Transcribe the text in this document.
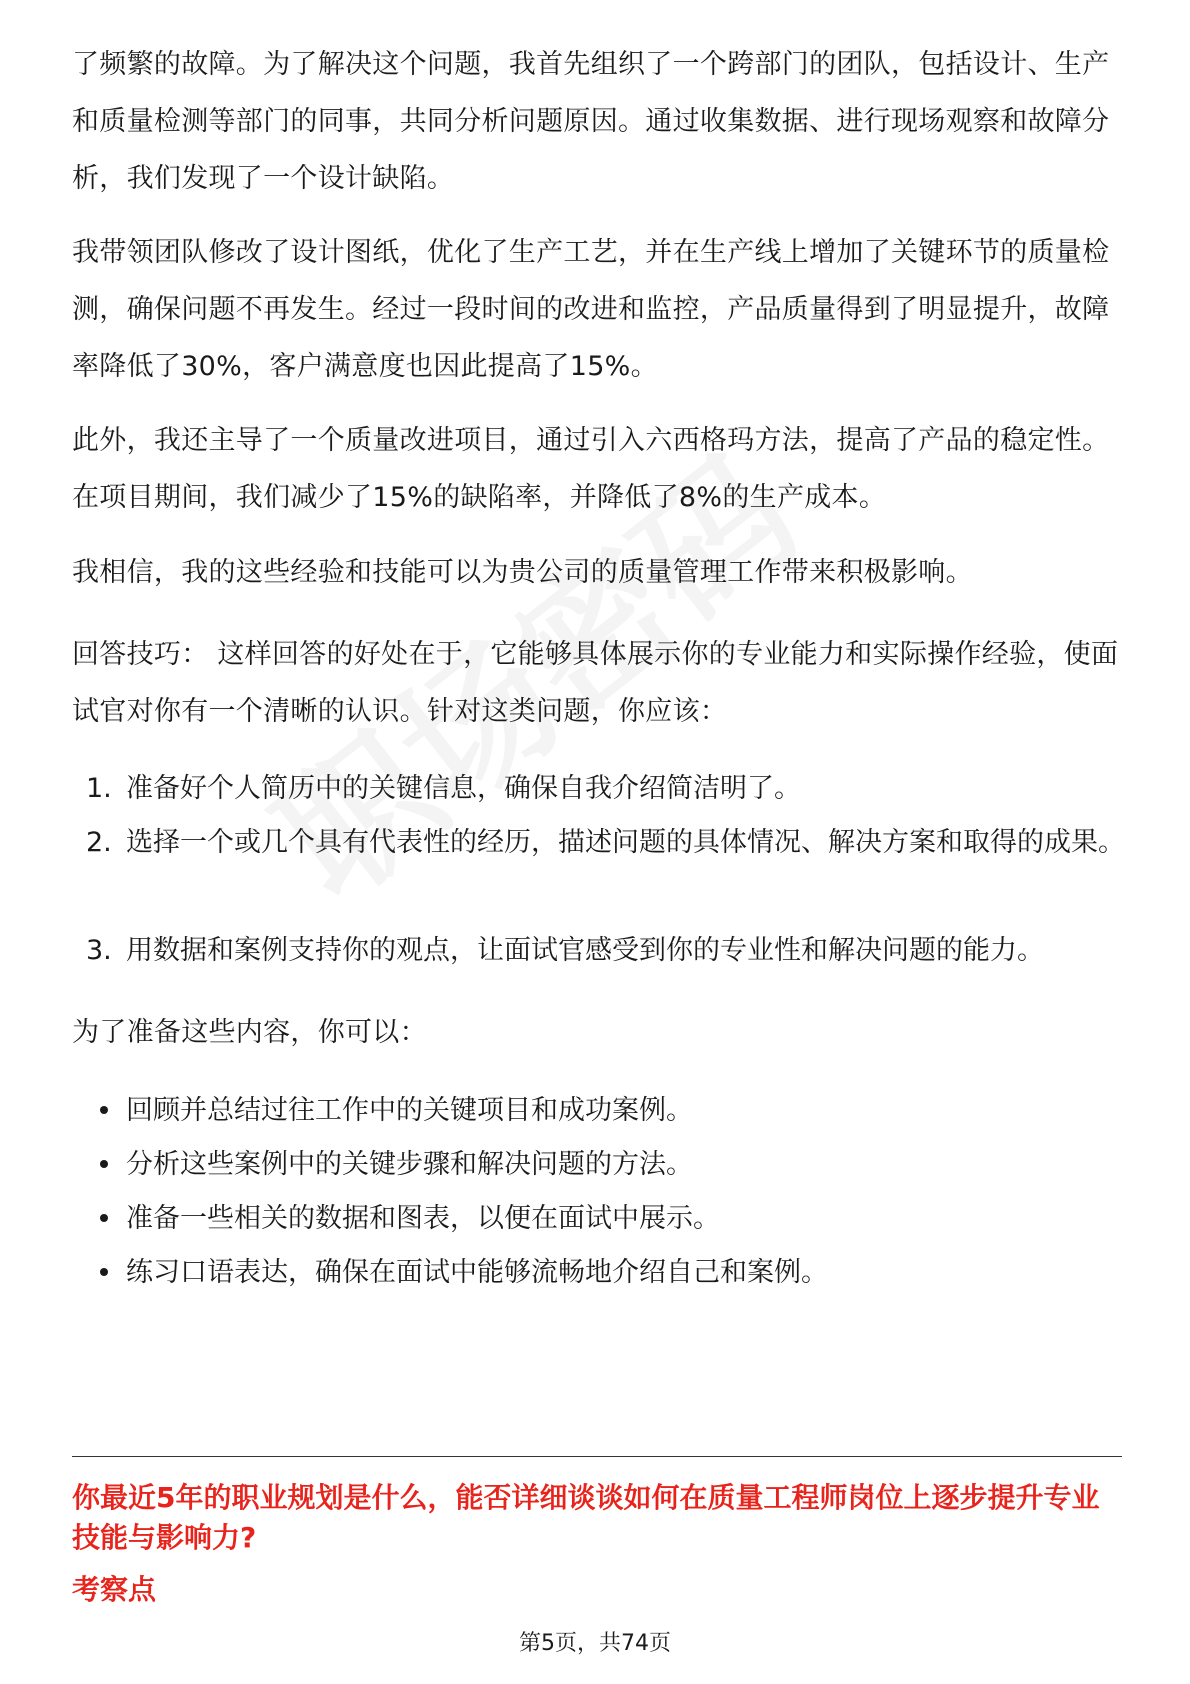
了频繁的故障。为了解决这个问题，我首先组织了一个跨部门的团队，包括设计、生产和质量检测等部门的同事，共同分析问题原因。通过收集数据、进行现场观察和故障分析，我们发现了一个设计缺陷。

我带领团队修改了设计图纸，优化了生产工艺，并在生产线上增加了关键环节的质量检测，确保问题不再发生。经过一段时间的改进和监控，产品质量得到了明显提升，故障率降低了30%，客户满意度也因此提高了15%。

此外，我还主导了一个质量改进项目，通过引入六西格玛方法，提高了产品的稳定性。在项目期间，我们减少了15%的缺陷率，并降低了8%的生产成本。

我相信，我的这些经验和技能可以为贵公司的质量管理工作带来积极影响。

回答技巧： 这样回答的好处在于，它能够具体展示你的专业能力和实际操作经验，使面试官对你有一个清晰的认识。针对这类问题，你应该：

1. 准备好个人简历中的关键信息，确保自我介绍简洁明了。
2. 选择一个或几个具有代表性的经历，描述问题的具体情况、解决方案和取得的成果。
3. 用数据和案例支持你的观点，让面试官感受到你的专业性和解决问题的能力。

为了准备这些内容，你可以：

回顾并总结过往工作中的关键项目和成功案例。
分析这些案例中的关键步骤和解决问题的方法。
准备一些相关的数据和图表，以便在面试中展示。
练习口语表达，确保在面试中能够流畅地介绍自己和案例。

你最近5年的职业规划是什么，能否详细谈谈如何在质量工程师岗位上逐步提升专业技能与影响力?

考察点

第5页，共74页
